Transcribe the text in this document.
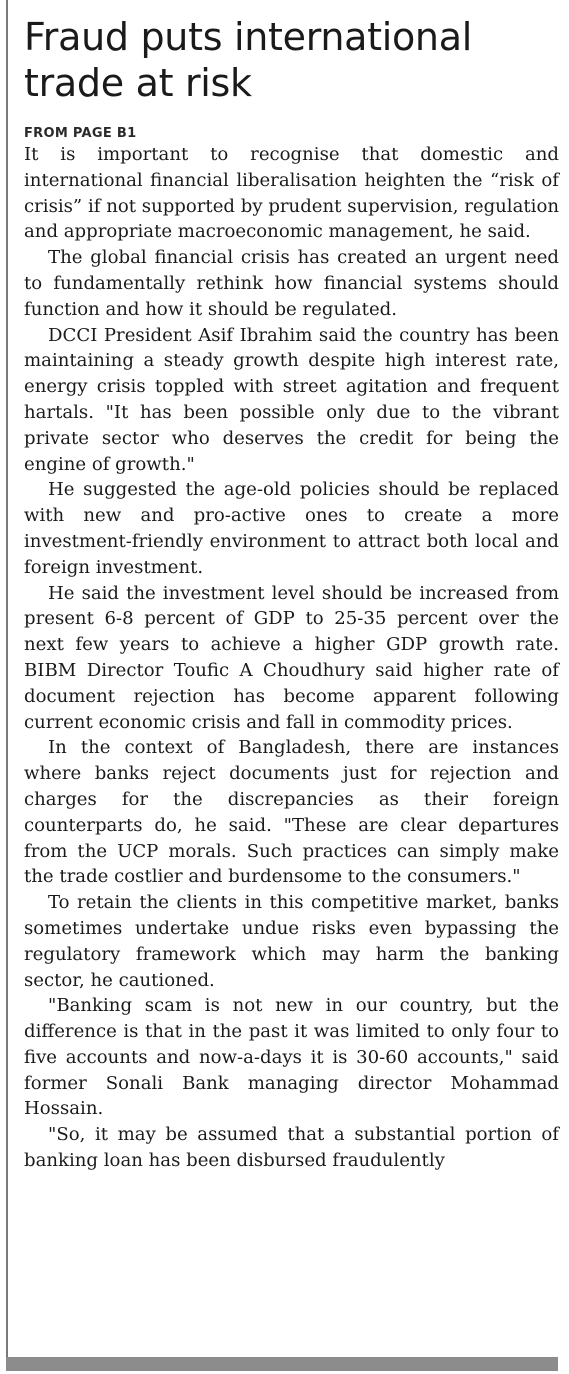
Fraud puts international trade at risk
FROM PAGE B1

It is important to recognise that domestic and international financial liberalisation heighten the “risk of crisis” if not supported by prudent supervision, regulation and appropriate macroeconomic management, he said.

The global financial crisis has created an urgent need to fundamentally rethink how financial systems should function and how it should be regulated.

DCCI President Asif Ibrahim said the country has been maintaining a steady growth despite high interest rate, energy crisis toppled with street agitation and frequent hartals. "It has been possible only due to the vibrant private sector who deserves the credit for being the engine of growth."

He suggested the age-old policies should be replaced with new and pro-active ones to create a more investment-friendly environment to attract both local and foreign investment.

He said the investment level should be increased from present 6-8 percent of GDP to 25-35 percent over the next few years to achieve a higher GDP growth rate. BIBM Director Toufic A Choudhury said higher rate of document rejection has become apparent following current economic crisis and fall in commodity prices.

In the context of Bangladesh, there are instances where banks reject documents just for rejection and charges for the discrepancies as their foreign counterparts do, he said. "These are clear departures from the UCP morals. Such practices can simply make the trade costlier and burdensome to the consumers."

To retain the clients in this competitive market, banks sometimes undertake undue risks even bypassing the regulatory framework which may harm the banking sector, he cautioned.

"Banking scam is not new in our country, but the difference is that in the past it was limited to only four to five accounts and now-a-days it is 30-60 accounts," said former Sonali Bank managing director Mohammad Hossain.

"So, it may be assumed that a substantial portion of banking loan has been disbursed fraudulently
